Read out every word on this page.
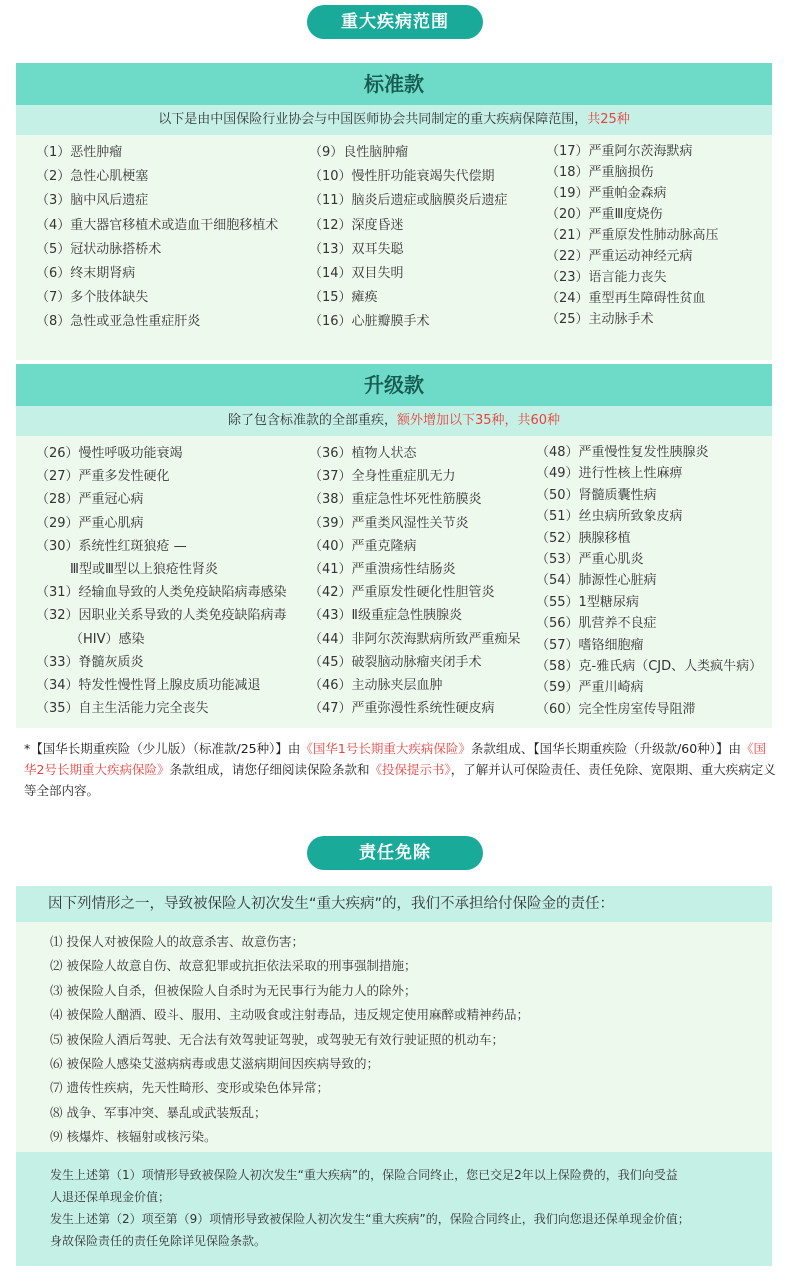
重大疾病范围
标准款
以下是由中国保险行业协会与中国医师协会共同制定的重大疾病保障范围，共25种
（1）恶性肿瘤
（2）急性心肌梗塞
（3）脑中风后遗症
（4）重大器官移植术或造血干细胞移植术
（5）冠状动脉搭桥术
（6）终末期肾病
（7）多个肢体缺失
（8）急性或亚急性重症肝炎
（9）良性脑肿瘤
（10）慢性肝功能衰竭失代偿期
（11）脑炎后遗症或脑膜炎后遗症
（12）深度昏迷
（13）双耳失聪
（14）双目失明
（15）瘫痪
（16）心脏瓣膜手术
（17）严重阿尔茨海默病
（18）严重脑损伤
（19）严重帕金森病
（20）严重Ⅲ度烧伤
（21）严重原发性肺动脉高压
（22）严重运动神经元病
（23）语言能力丧失
（24）重型再生障碍性贫血
（25）主动脉手术
升级款
除了包含标准款的全部重疾，额外增加以下35种，共60种
（26）慢性呼吸功能衰竭
（27）严重多发性硬化
（28）严重冠心病
（29）严重心肌病
（30）系统性红斑狼疮 —
Ⅲ型或Ⅲ型以上狼疮性肾炎
（31）经输血导致的人类免疫缺陷病毒感染
（32）因职业关系导致的人类免疫缺陷病毒
（HIV）感染
（33）脊髓灰质炎
（34）特发性慢性肾上腺皮质功能减退
（35）自主生活能力完全丧失
（36）植物人状态
（37）全身性重症肌无力
（38）重症急性坏死性筋膜炎
（39）严重类风湿性关节炎
（40）严重克隆病
（41）严重溃疡性结肠炎
（42）严重原发性硬化性胆管炎
（43）Ⅱ级重症急性胰腺炎
（44）非阿尔茨海默病所致严重痴呆
（45）破裂脑动脉瘤夹闭手术
（46）主动脉夹层血肿
（47）严重弥漫性系统性硬皮病
（48）严重慢性复发性胰腺炎
（49）进行性核上性麻痹
（50）肾髓质囊性病
（51）丝虫病所致象皮病
（52）胰腺移植
（53）严重心肌炎
（54）肺源性心脏病
（55）1型糖尿病
（56）肌营养不良症
（57）嗜铬细胞瘤
（58）克-雅氏病（CJD、人类疯牛病）
（59）严重川崎病
（60）完全性房室传导阻滞
*【国华长期重疾险（少儿版）（标准款/25种）】由《国华1号长期重大疾病保险》条款组成、【国华长期重疾险（升级款/60种）】由《国华2号长期重大疾病保险》条款组成，请您仔细阅读保险条款和《投保提示书》，了解并认可保险责任、责任免除、宽限期、重大疾病定义等全部内容。
责任免除
因下列情形之一，导致被保险人初次发生“重大疾病”的，我们不承担给付保险金的责任：
⑴ 投保人对被保险人的故意杀害、故意伤害；
⑵ 被保险人故意自伤、故意犯罪或抗拒依法采取的刑事强制措施；
⑶ 被保险人自杀，但被保险人自杀时为无民事行为能力人的除外；
⑷ 被保险人酗酒、殴斗、服用、主动吸食或注射毒品，违反规定使用麻醉或精神药品；
⑸ 被保险人酒后驾驶、无合法有效驾驶证驾驶，或驾驶无有效行驶证照的机动车；
⑹ 被保险人感染艾滋病病毒或患艾滋病期间因疾病导致的；
⑺ 遗传性疾病，先天性畸形、变形或染色体异常；
⑻ 战争、军事冲突、暴乱或武装叛乱；
⑼ 核爆炸、核辐射或核污染。
发生上述第（1）项情形导致被保险人初次发生“重大疾病”的，保险合同终止，您已交足2年以上保险费的，我们向受益
人退还保单现金价值；
发生上述第（2）项至第（9）项情形导致被保险人初次发生“重大疾病”的，保险合同终止，我们向您退还保单现金价值；
身故保险责任的责任免除详见保险条款。
